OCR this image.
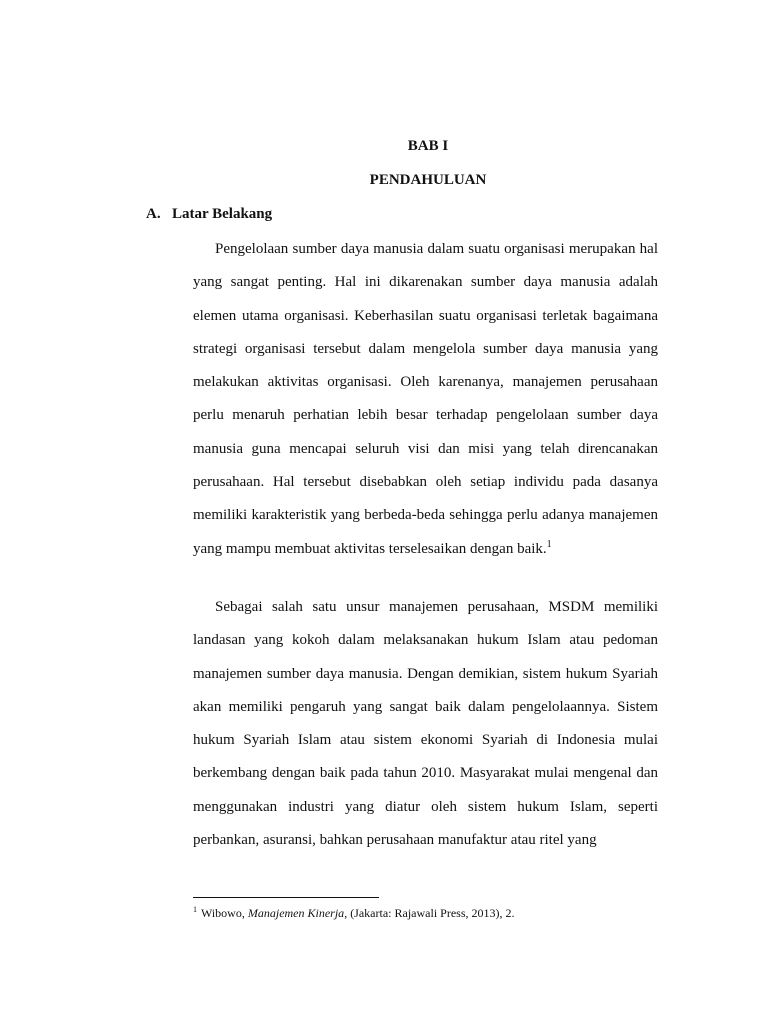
BAB I
PENDAHULUAN
A. Latar Belakang

Pengelolaan sumber daya manusia dalam suatu organisasi merupakan hal yang sangat penting. Hal ini dikarenakan sumber daya manusia adalah elemen utama organisasi. Keberhasilan suatu organisasi terletak bagaimana strategi organisasi tersebut dalam mengelola sumber daya manusia yang melakukan aktivitas organisasi. Oleh karenanya, manajemen perusahaan perlu menaruh perhatian lebih besar terhadap pengelolaan sumber daya manusia guna mencapai seluruh visi dan misi yang telah direncanakan perusahaan. Hal tersebut disebabkan oleh setiap individu pada dasanya memiliki karakteristik yang berbeda-beda sehingga perlu adanya manajemen yang mampu membuat aktivitas terselesaikan dengan baik.$^1$

Sebagai salah satu unsur manajemen perusahaan, MSDM memiliki landasan yang kokoh dalam melaksanakan hukum Islam atau pedoman manajemen sumber daya manusia. Dengan demikian, sistem hukum Syariah akan memiliki pengaruh yang sangat baik dalam pengelolaannya. Sistem hukum Syariah Islam atau sistem ekonomi Syariah di Indonesia mulai berkembang dengan baik pada tahun 2010. Masyarakat mulai mengenal dan menggunakan industri yang diatur oleh sistem hukum Islam, seperti perbankan, asuransi, bahkan perusahaan manufaktur atau ritel yang

$^1$ Wibowo, Manajemen Kinerja, (Jakarta: Rajawali Press, 2013), 2.
